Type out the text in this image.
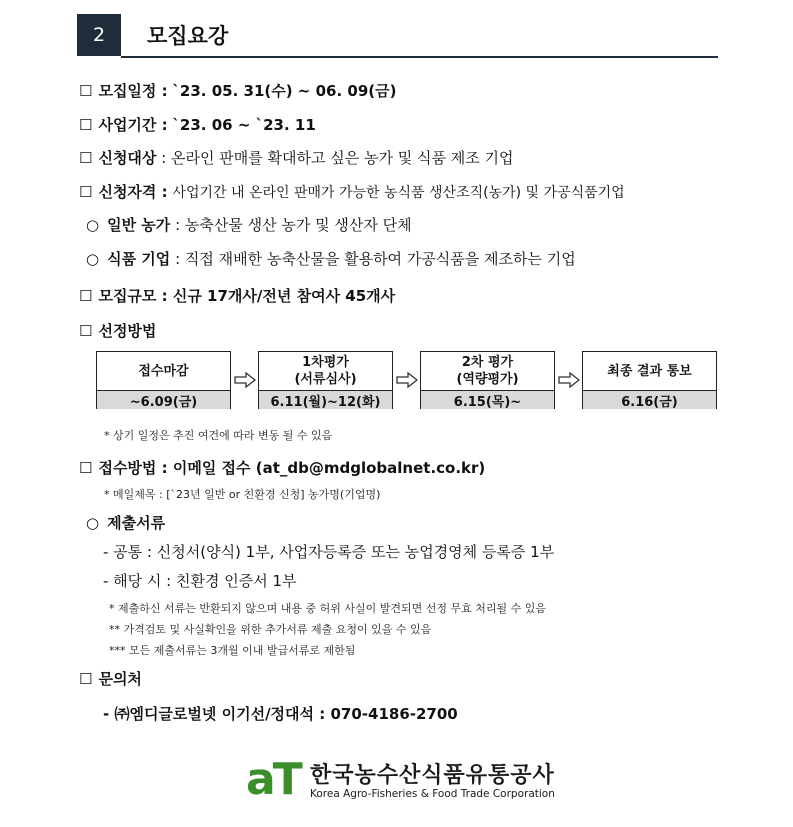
2	모집요강
☐ 모집일정 : `23. 05. 31(수) ~ 06. 09(금)
☐ 사업기간 : `23. 06 ~ `23. 11
☐ 신청대상 : 온라인 판매를 확대하고 싶은 농가 및 식품 제조 기업
☐ 신청자격 : 사업기간 내 온라인 판매가 가능한 농식품 생산조직(농가) 및 가공식품기업
○ 일반 농가 : 농축산물 생산 농가 및 생산자 단체
○ 식품 기업 : 직접 재배한 농축산물을 활용하여 가공식품을 제조하는 기업
☐ 모집규모 : 신규 17개사/전년 참여사 45개사
☐ 선정방법
접수마감
~6.09(금)
1차평가
(서류심사)
6.11(월)~12(화)
2차 평가
(역량평가)
6.15(목)~
최종 결과 통보
6.16(금)
* 상기 일정은 추진 여건에 따라 변동 될 수 있음
☐ 접수방법 : 이메일 접수 (at_db@mdglobalnet.co.kr)
* 메일제목 : [`23년 일반 or 친환경 신청] 농가명(기업명)
○ 제출서류
- 공통 : 신청서(양식) 1부, 사업자등록증 또는 농업경영체 등록증 1부
- 해당 시 : 친환경 인증서 1부
* 제출하신 서류는 반환되지 않으며 내용 중 허위 사실이 발견되면 선정 무효 처리될 수 있음
** 가격검토 및 사실확인을 위한 추가서류 제출 요청이 있을 수 있음
*** 모든 제출서류는 3개월 이내 발급서류로 제한됨
☐ 문의처
- ㈜엠디글로벌넷 이기선/정대석 : 070-4186-2700
aT 한국농수산식품유통공사
Korea Agro-Fisheries & Food Trade Corporation
